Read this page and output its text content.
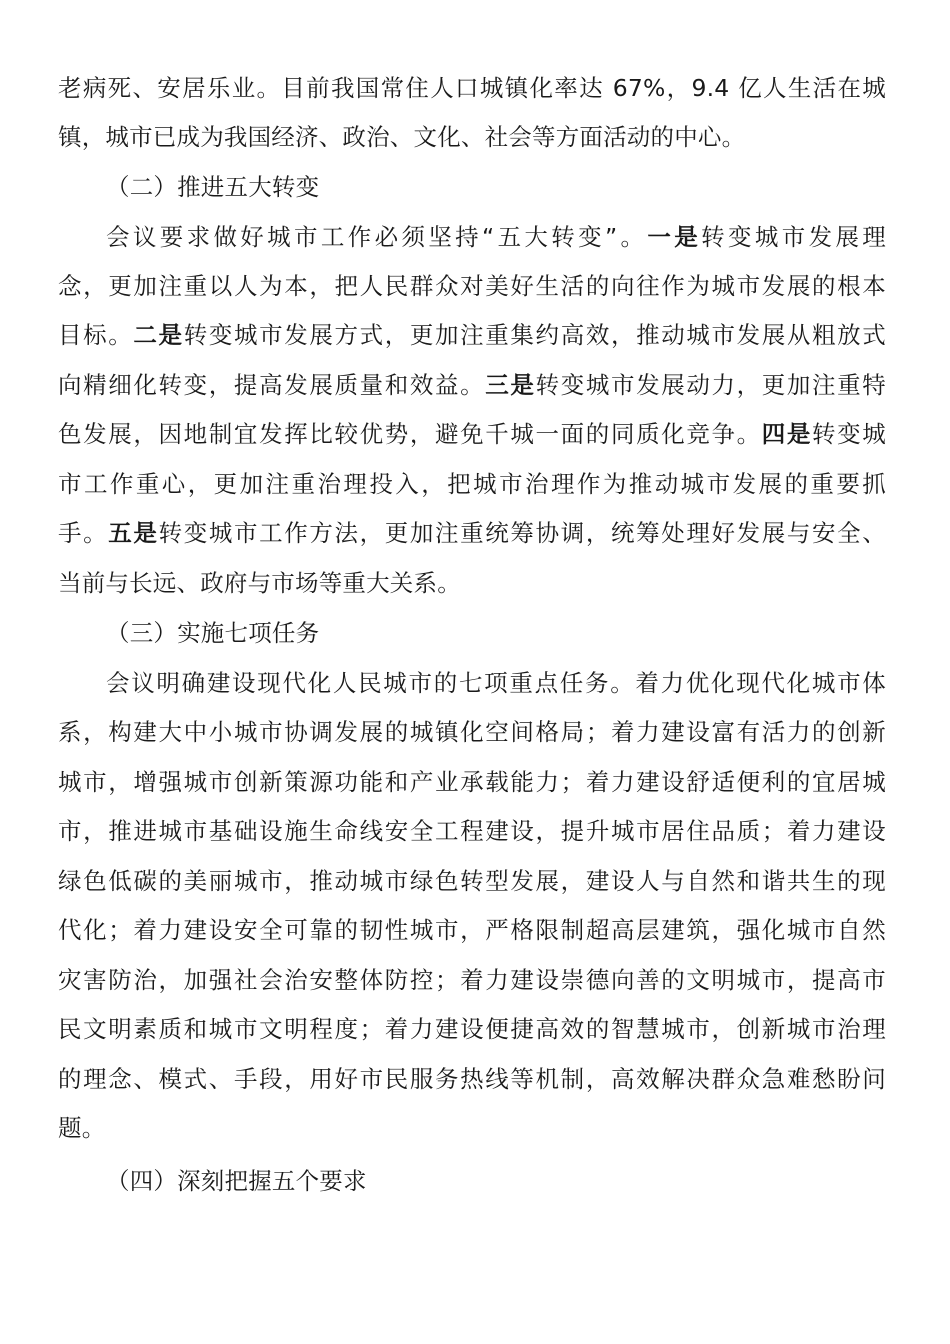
老病死、安居乐业。目前我国常住人口城镇化率达 67%，9.4 亿人生活在城
镇，城市已成为我国经济、政治、文化、社会等方面活动的中心。
（二）推进五大转变
会议要求做好城市工作必须坚持“五大转变”。一是转变城市发展理
念，更加注重以人为本，把人民群众对美好生活的向往作为城市发展的根本
目标。二是转变城市发展方式，更加注重集约高效，推动城市发展从粗放式
向精细化转变，提高发展质量和效益。三是转变城市发展动力，更加注重特
色发展，因地制宜发挥比较优势，避免千城一面的同质化竞争。四是转变城
市工作重心，更加注重治理投入，把城市治理作为推动城市发展的重要抓
手。五是转变城市工作方法，更加注重统筹协调，统筹处理好发展与安全、
当前与长远、政府与市场等重大关系。
（三）实施七项任务
会议明确建设现代化人民城市的七项重点任务。着力优化现代化城市体
系，构建大中小城市协调发展的城镇化空间格局；着力建设富有活力的创新
城市，增强城市创新策源功能和产业承载能力；着力建设舒适便利的宜居城
市，推进城市基础设施生命线安全工程建设，提升城市居住品质；着力建设
绿色低碳的美丽城市，推动城市绿色转型发展，建设人与自然和谐共生的现
代化；着力建设安全可靠的韧性城市，严格限制超高层建筑，强化城市自然
灾害防治，加强社会治安整体防控；着力建设崇德向善的文明城市，提高市
民文明素质和城市文明程度；着力建设便捷高效的智慧城市，创新城市治理
的理念、模式、手段，用好市民服务热线等机制，高效解决群众急难愁盼问
题。
（四）深刻把握五个要求
